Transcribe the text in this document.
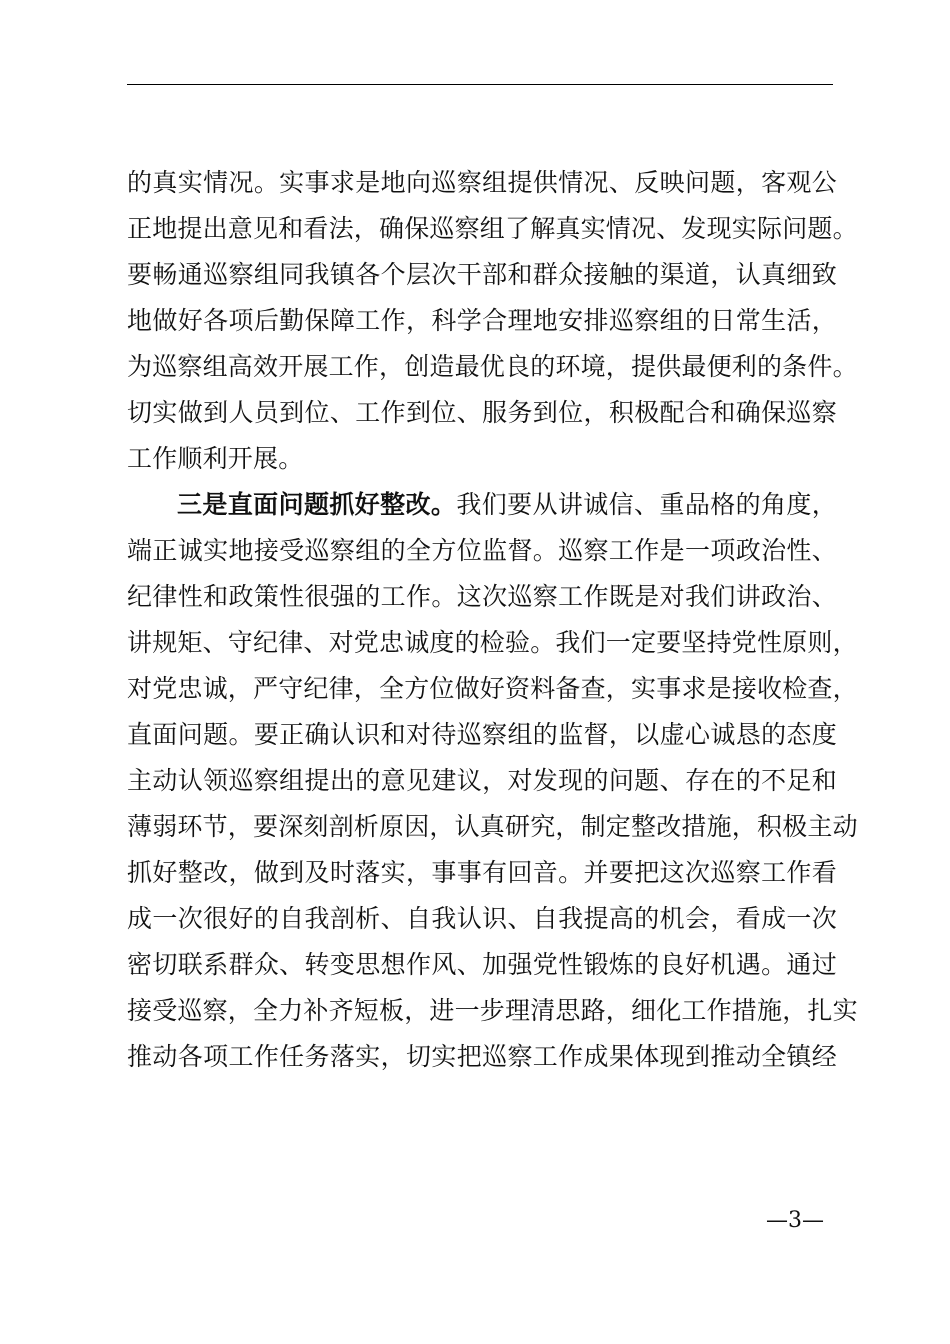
的真实情况。实事求是地向巡察组提供情况、反映问题，客观公
正地提出意见和看法，确保巡察组了解真实情况、发现实际问题。
要畅通巡察组同我镇各个层次干部和群众接触的渠道，认真细致
地做好各项后勤保障工作，科学合理地安排巡察组的日常生活，
为巡察组高效开展工作，创造最优良的环境，提供最便利的条件。
切实做到人员到位、工作到位、服务到位，积极配合和确保巡察
工作顺利开展。
三是直面问题抓好整改。我们要从讲诚信、重品格的角度，
端正诚实地接受巡察组的全方位监督。巡察工作是一项政治性、
纪律性和政策性很强的工作。这次巡察工作既是对我们讲政治、
讲规矩、守纪律、对党忠诚度的检验。我们一定要坚持党性原则，
对党忠诚，严守纪律，全方位做好资料备查，实事求是接收检查，
直面问题。要正确认识和对待巡察组的监督，以虚心诚恳的态度
主动认领巡察组提出的意见建议，对发现的问题、存在的不足和
薄弱环节，要深刻剖析原因，认真研究，制定整改措施，积极主动
抓好整改，做到及时落实，事事有回音。并要把这次巡察工作看
成一次很好的自我剖析、自我认识、自我提高的机会，看成一次
密切联系群众、转变思想作风、加强党性锻炼的良好机遇。通过
接受巡察，全力补齐短板，进一步理清思路，细化工作措施，扎实
推动各项工作任务落实，切实把巡察工作成果体现到推动全镇经
—3—
